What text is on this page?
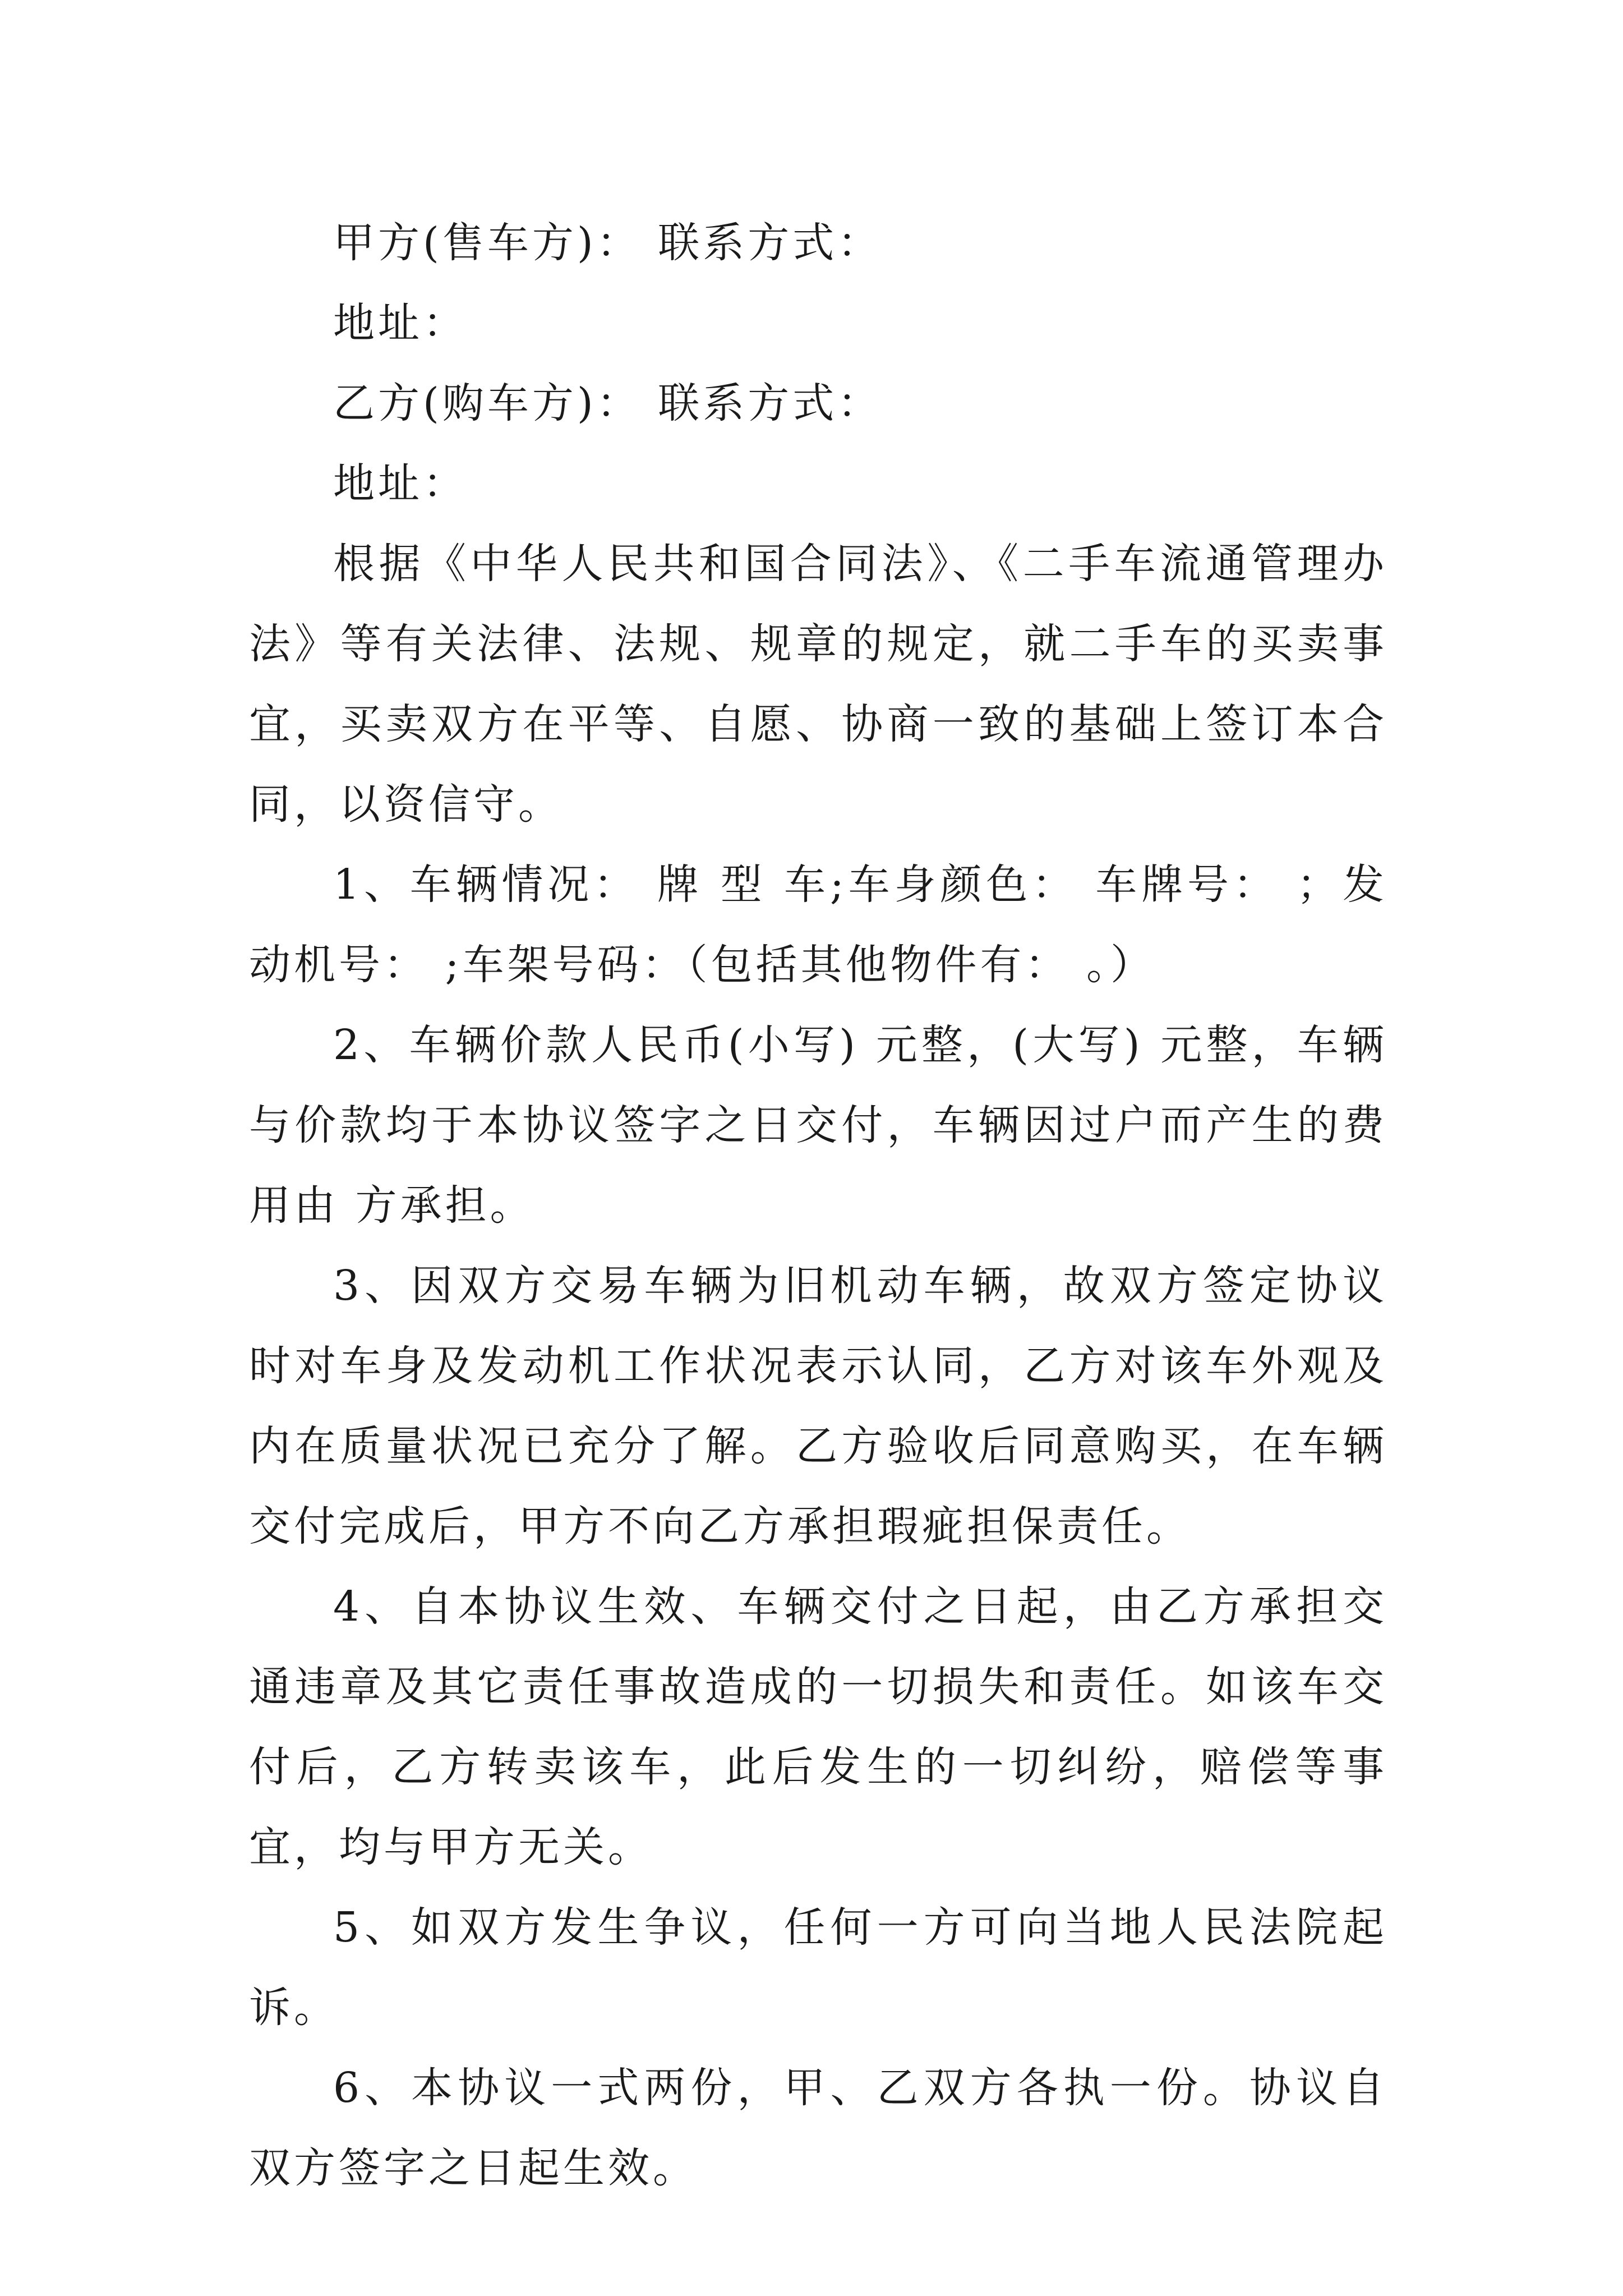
甲方(售车方)： 联系方式：
地址：
乙方(购车方)： 联系方式：
地址：
根据《中华人民共和国合同法》、《二手车流通管理办法》等有关法律、法规、规章的规定，就二手车的买卖事宜，买卖双方在平等、自愿、协商一致的基础上签订本合同，以资信守。
1、车辆情况： 牌 型 车;车身颜色： 车牌号： ；发动机号： ;车架号码：（包括其他物件有： 。）
2、车辆价款人民币(小写) 元整，(大写) 元整，车辆与价款均于本协议签字之日交付，车辆因过户而产生的费用由 方承担。
3、因双方交易车辆为旧机动车辆，故双方签定协议时对车身及发动机工作状况表示认同，乙方对该车外观及内在质量状况已充分了解。乙方验收后同意购买，在车辆交付完成后，甲方不向乙方承担瑕疵担保责任。
4、自本协议生效、车辆交付之日起，由乙方承担交通违章及其它责任事故造成的一切损失和责任。如该车交付后，乙方转卖该车，此后发生的一切纠纷，赔偿等事宜，均与甲方无关。
5、如双方发生争议，任何一方可向当地人民法院起诉。
6、本协议一式两份，甲、乙双方各执一份。协议自双方签字之日起生效。
